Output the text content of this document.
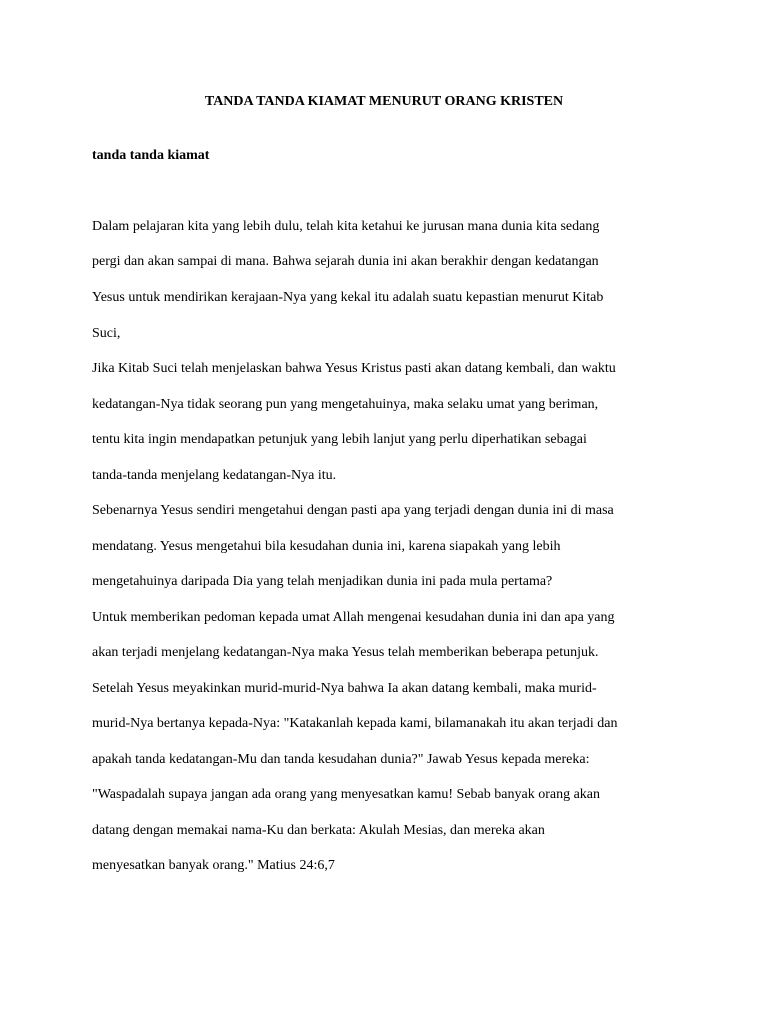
TANDA TANDA KIAMAT MENURUT ORANG KRISTEN
tanda tanda kiamat
Dalam pelajaran kita yang lebih dulu, telah kita ketahui ke jurusan mana dunia kita sedang
pergi dan akan sampai di mana. Bahwa sejarah dunia ini akan berakhir dengan kedatangan
Yesus untuk mendirikan kerajaan-Nya yang kekal itu adalah suatu kepastian menurut Kitab
Suci,
Jika Kitab Suci telah menjelaskan bahwa Yesus Kristus pasti akan datang kembali, dan waktu
kedatangan-Nya tidak seorang pun yang mengetahuinya, maka selaku umat yang beriman,
tentu kita ingin mendapatkan petunjuk yang lebih lanjut yang perlu diperhatikan sebagai
tanda-tanda menjelang kedatangan-Nya itu.
Sebenarnya Yesus sendiri mengetahui dengan pasti apa yang terjadi dengan dunia ini di masa
mendatang. Yesus mengetahui bila kesudahan dunia ini, karena siapakah yang lebih
mengetahuinya daripada Dia yang telah menjadikan dunia ini pada mula pertama?
Untuk memberikan pedoman kepada umat Allah mengenai kesudahan dunia ini dan apa yang
akan terjadi menjelang kedatangan-Nya maka Yesus telah memberikan beberapa petunjuk.
Setelah Yesus meyakinkan murid-murid-Nya bahwa Ia akan datang kembali, maka murid-
murid-Nya bertanya kepada-Nya: "Katakanlah kepada kami, bilamanakah itu akan terjadi dan
apakah tanda kedatangan-Mu dan tanda kesudahan dunia?" Jawab Yesus kepada mereka:
"Waspadalah supaya jangan ada orang yang menyesatkan kamu! Sebab banyak orang akan
datang dengan memakai nama-Ku dan berkata: Akulah Mesias, dan mereka akan
menyesatkan banyak orang." Matius 24:6,7
